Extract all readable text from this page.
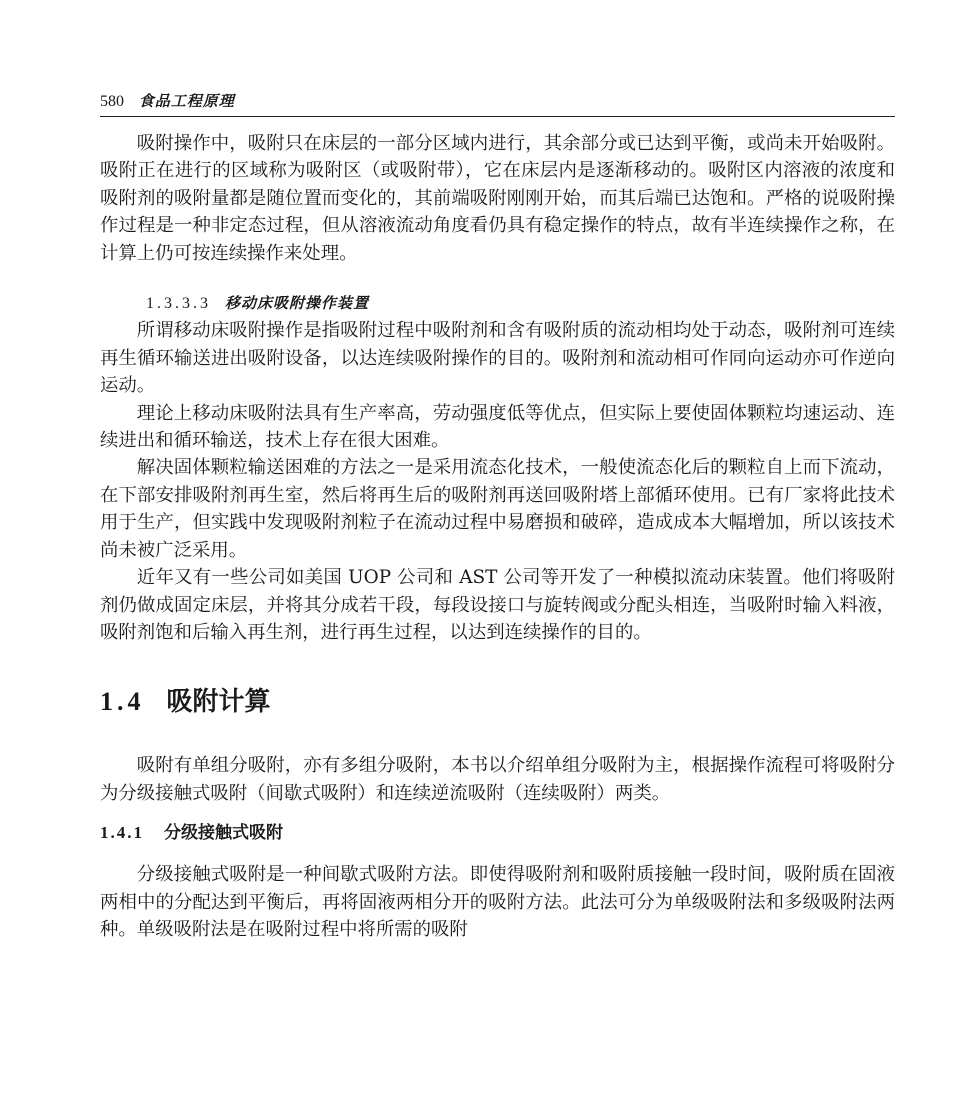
580 食品工程原理

吸附操作中，吸附只在床层的一部分区域内进行，其余部分或已达到平衡，或尚未开始吸附。吸附正在进行的区域称为吸附区（或吸附带），它在床层内是逐渐移动的。吸附区内溶液的浓度和吸附剂的吸附量都是随位置而变化的，其前端吸附刚刚开始，而其后端已达饱和。严格的说吸附操作过程是一种非定态过程，但从溶液流动角度看仍具有稳定操作的特点，故有半连续操作之称，在计算上仍可按连续操作来处理。

1.3.3.3 移动床吸附操作装置

所谓移动床吸附操作是指吸附过程中吸附剂和含有吸附质的流动相均处于动态，吸附剂可连续再生循环输送进出吸附设备，以达连续吸附操作的目的。吸附剂和流动相可作同向运动亦可作逆向运动。

理论上移动床吸附法具有生产率高，劳动强度低等优点，但实际上要使固体颗粒均速运动、连续进出和循环输送，技术上存在很大困难。

解决固体颗粒输送困难的方法之一是采用流态化技术，一般使流态化后的颗粒自上而下流动，在下部安排吸附剂再生室，然后将再生后的吸附剂再送回吸附塔上部循环使用。已有厂家将此技术用于生产，但实践中发现吸附剂粒子在流动过程中易磨损和破碎，造成成本大幅增加，所以该技术尚未被广泛采用。

近年又有一些公司如美国 UOP 公司和 AST 公司等开发了一种模拟流动床装置。他们将吸附剂仍做成固定床层，并将其分成若干段，每段设接口与旋转阀或分配头相连，当吸附时输入料液，吸附剂饱和后输入再生剂，进行再生过程，以达到连续操作的目的。

1.4 吸附计算

吸附有单组分吸附，亦有多组分吸附，本书以介绍单组分吸附为主，根据操作流程可将吸附分为分级接触式吸附（间歇式吸附）和连续逆流吸附（连续吸附）两类。

1.4.1 分级接触式吸附

分级接触式吸附是一种间歇式吸附方法。即使得吸附剂和吸附质接触一段时间，吸附质在固液两相中的分配达到平衡后，再将固液两相分开的吸附方法。此法可分为单级吸附法和多级吸附法两种。单级吸附法是在吸附过程中将所需的吸附
